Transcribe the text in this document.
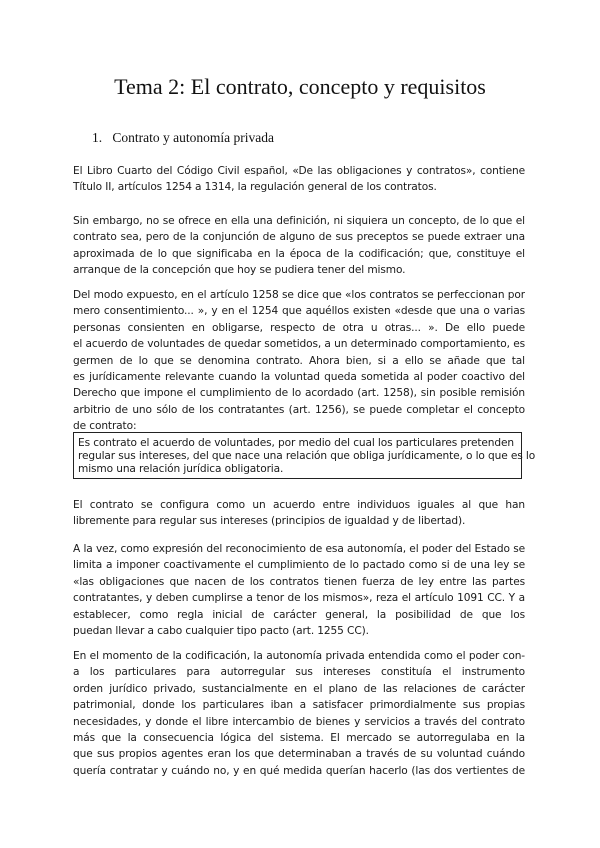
Tema 2: El contrato, concepto y requisitos
1. Contrato y autonomía privada
El Libro Cuarto del Código Civil español, «De las obligaciones y contratos», contiene
Título II, artículos 1254 a 1314, la regulación general de los contratos.
Sin embargo, no se ofrece en ella una definición, ni siquiera un concepto, de lo que el
contrato sea, pero de la conjunción de alguno de sus preceptos se puede extraer una
aproximada de lo que significaba en la época de la codificación; que, constituye el
arranque de la concepción que hoy se pudiera tener del mismo.
Del modo expuesto, en el artículo 1258 se dice que «los contratos se perfeccionan por
mero consentimiento... », y en el 1254 que aquéllos existen «desde que una o varias
personas consienten en obligarse, respecto de otra u otras... ». De ello puede
el acuerdo de voluntades de quedar sometidos, a un determinado comportamiento, es
germen de lo que se denomina contrato. Ahora bien, si a ello se añade que tal
es jurídicamente relevante cuando la voluntad queda sometida al poder coactivo del
Derecho que impone el cumplimiento de lo acordado (art. 1258), sin posible remisión
arbitrio de uno sólo de los contratantes (art. 1256), se puede completar el concepto
de contrato:
Es contrato el acuerdo de voluntades, por medio del cual los particulares pretenden
regular sus intereses, del que nace una relación que obliga jurídicamente, o lo que es lo
mismo una relación jurídica obligatoria.
El contrato se configura como un acuerdo entre individuos iguales al que han
libremente para regular sus intereses (principios de igualdad y de libertad).
A la vez, como expresión del reconocimiento de esa autonomía, el poder del Estado se
limita a imponer coactivamente el cumplimiento de lo pactado como si de una ley se
«las obligaciones que nacen de los contratos tienen fuerza de ley entre las partes
contratantes, y deben cumplirse a tenor de los mismos», reza el artículo 1091 CC. Y a
establecer, como regla inicial de carácter general, la posibilidad de que los
puedan llevar a cabo cualquier tipo pacto (art. 1255 CC).
En el momento de la codificación, la autonomía privada entendida como el poder con-
a los particulares para autorregular sus intereses constituía el instrumento
orden jurídico privado, sustancialmente en el plano de las relaciones de carácter
patrimonial, donde los particulares iban a satisfacer primordialmente sus propias
necesidades, y donde el libre intercambio de bienes y servicios a través del contrato
más que la consecuencia lógica del sistema. El mercado se autorregulaba en la
que sus propios agentes eran los que determinaban a través de su voluntad cuándo
quería contratar y cuándo no, y en qué medida querían hacerlo (las dos vertientes de
